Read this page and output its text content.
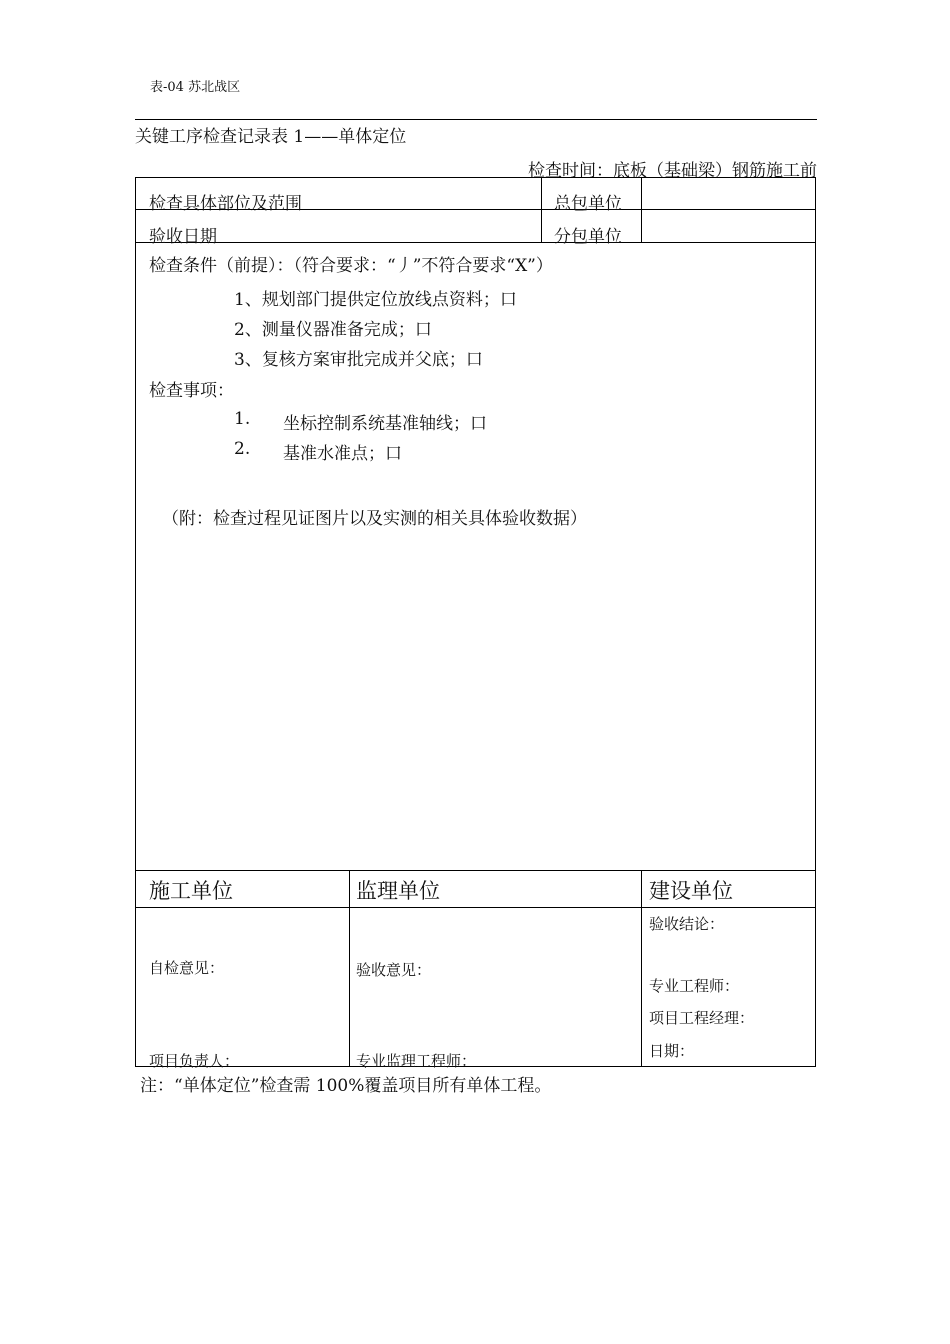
表-04 苏北战区
关键工序检查记录表 1——单体定位
检查时间：底板（基础梁）钢筋施工前
检查具体部位及范围	总包单位
验收日期	分包单位
检查条件（前提）：（符合要求：“丿”不符合要求“X”）
1、规划部门提供定位放线点资料；口
2、测量仪器准备完成；口
3、复核方案审批完成并父底；口
检查事项：
1. 坐标控制系统基准轴线；口
2. 基准水准点；口
（附：检查过程见证图片以及实测的相关具体验收数据）
施工单位	监理单位	建设单位
自检意见：
项目负责人：
验收意见：
专业监理工程师：
验收结论：
专业工程师：
项目工程经理：
日期：
注：“单体定位”检查需 100%覆盖项目所有单体工程。
